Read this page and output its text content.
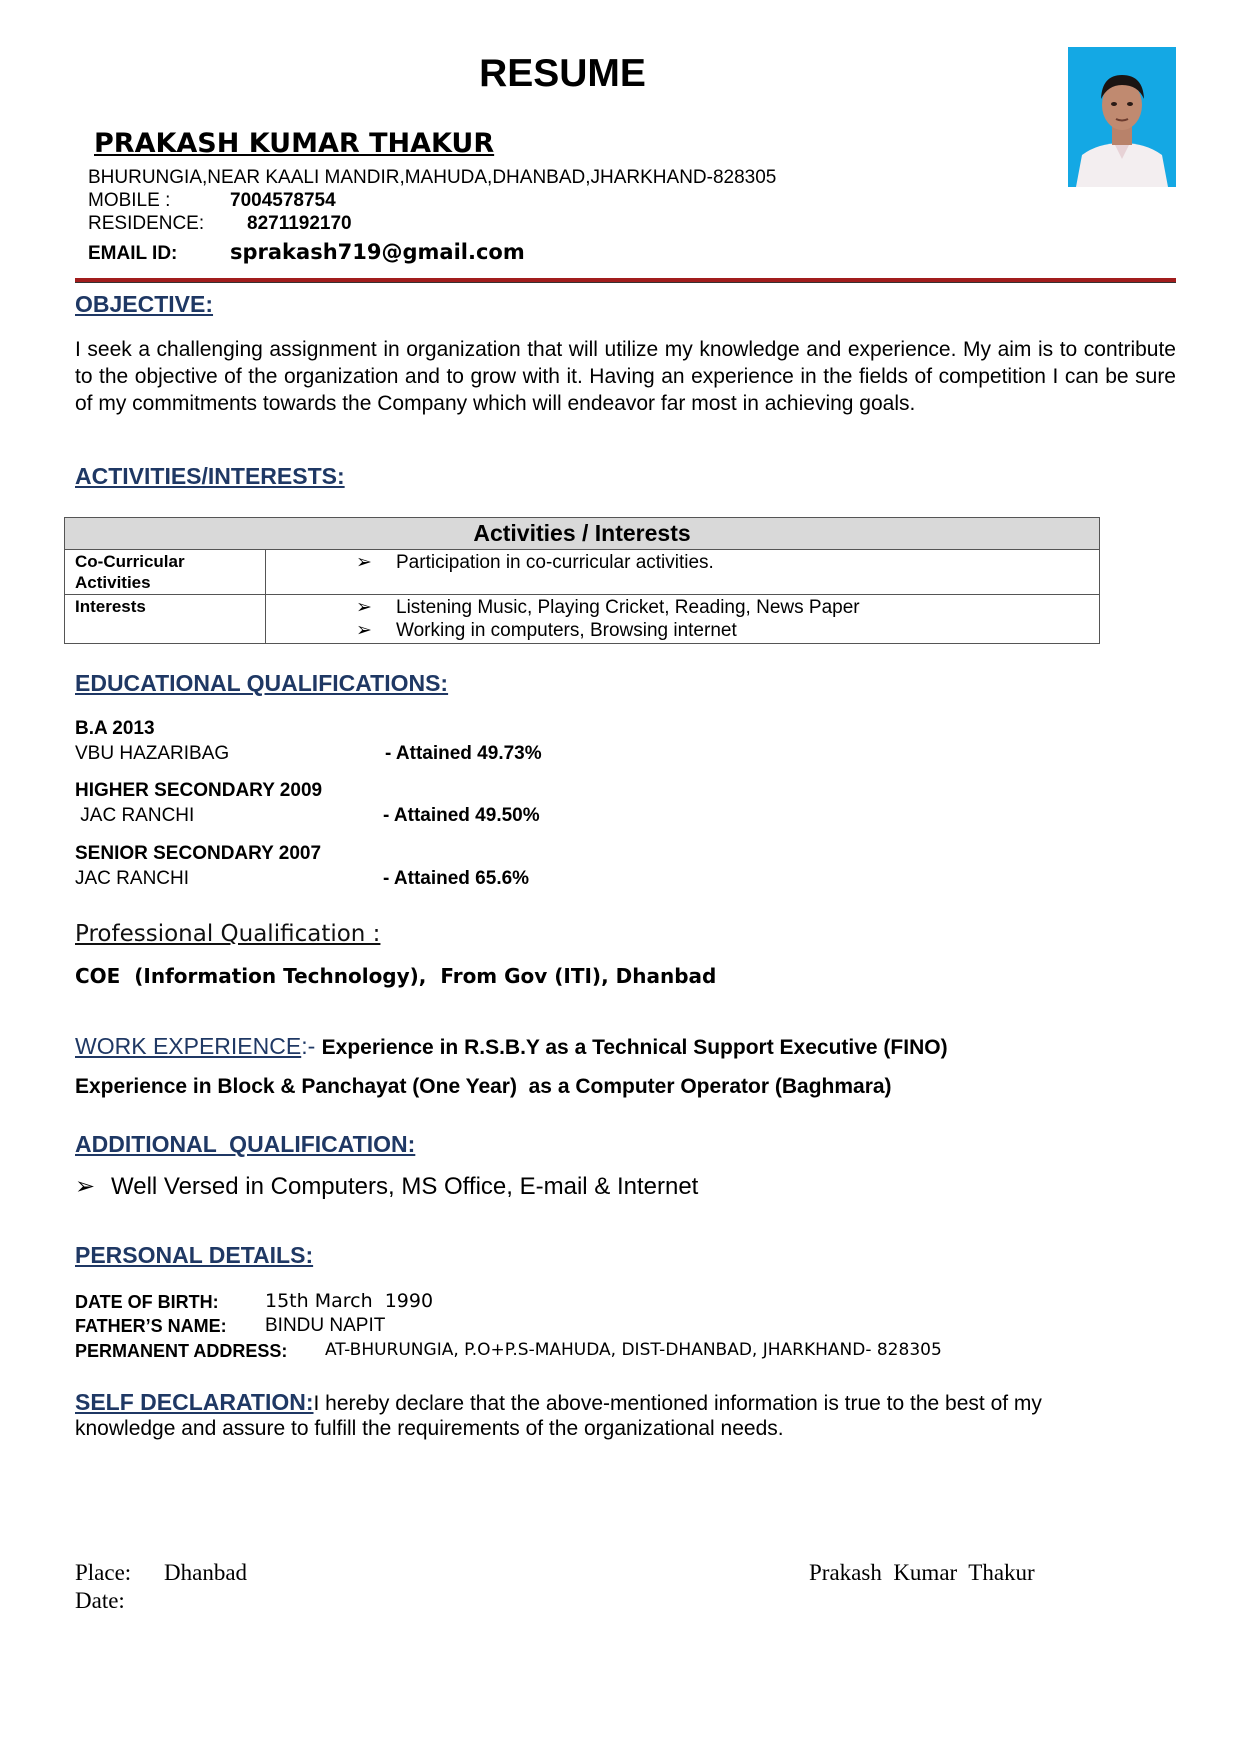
RESUME
PRAKASH KUMAR THAKUR
BHURUNGIA,NEAR KAALI MANDIR,MAHUDA,DHANBAD,JHARKHAND-828305
MOBILE :	7004578754
RESIDENCE: 8271192170
EMAIL ID:	sprakash719@gmail.com
OBJECTIVE:
I seek a challenging assignment in organization that will utilize my knowledge and experience. My aim is to contribute to the objective of the organization and to grow with it. Having an experience in the fields of competition I can be sure of my commitments towards the Company which will endeavor far most in achieving goals.
ACTIVITIES/INTERESTS:
Activities / Interests	
Co-Curricular Activities	➢ Participation in co-curricular activities.

Interests	➢ Listening Music, Playing Cricket, Reading, News Paper
➢ Working in computers, Browsing internet
EDUCATIONAL QUALIFICATIONS:
B.A 2013
VBU HAZARIBAG	- Attained 49.73%
HIGHER SECONDARY 2009
JAC RANCHI	- Attained 49.50%
SENIOR SECONDARY 2007
JAC RANCHI	- Attained 65.6%
Professional Qualification :
COE  (Information Technology),  From Gov (ITI), Dhanbad
WORK EXPERIENCE:- Experience in R.S.B.Y as a Technical Support Executive (FINO)
Experience in Block & Panchayat (One Year)  as a Computer Operator (Baghmara)
ADDITIONAL  QUALIFICATION:
➢ Well Versed in Computers, MS Office, E-mail & Internet
PERSONAL DETAILS:
DATE OF BIRTH: 15th March  1990
FATHER’S NAME: BINDU NAPIT
PERMANENT ADDRESS: AT-BHURUNGIA, P.O+P.S-MAHUDA, DIST-DHANBAD, JHARKHAND- 828305
SELF DECLARATION:I hereby declare that the above-mentioned information is true to the best of my
knowledge and assure to fulfill the requirements of the organizational needs.
Place: Dhanbad
Date:
Prakash  Kumar  Thakur
